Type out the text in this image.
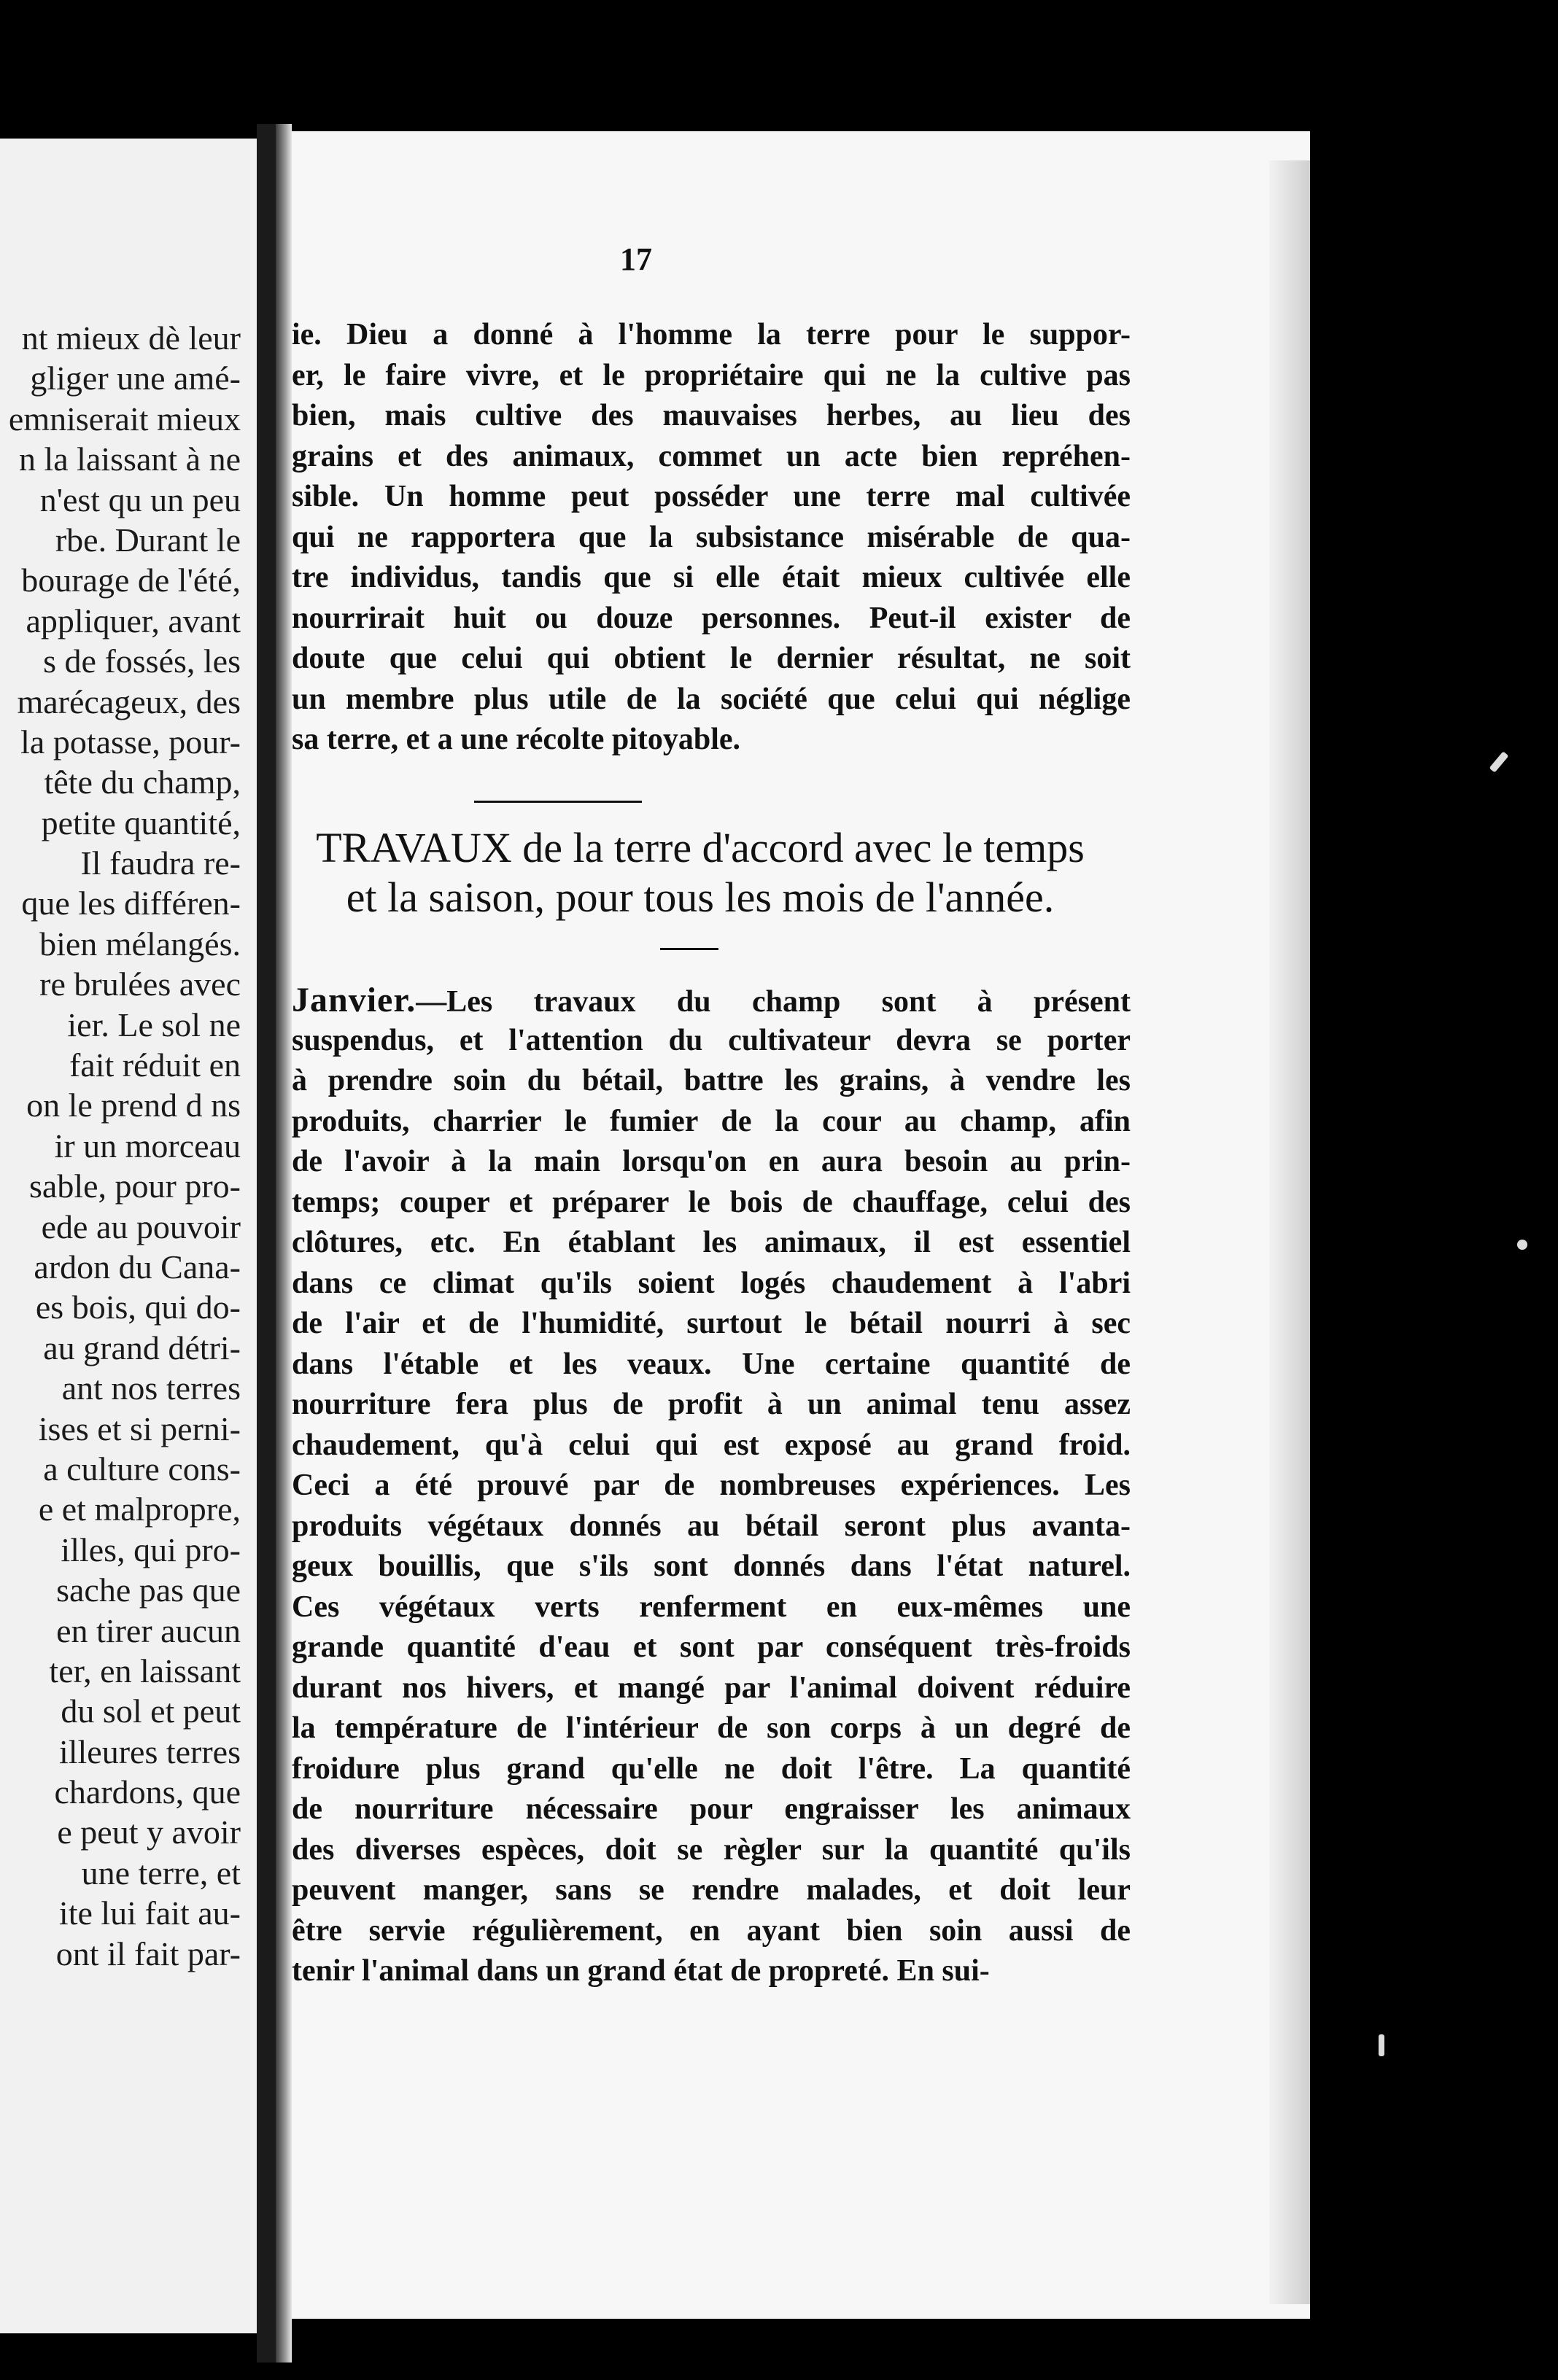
nt mieux dè leur
gliger une amé-
emniserait mieux
n la laissant à ne
n'est qu un peu
rbe. Durant le
bourage de l'été,
appliquer, avant
s de fossés, les
marécageux, des
la potasse, pour-
tête du champ,
petite quantité,
Il faudra re-
que les différen-
bien mélangés.
re brulées avec
ier. Le sol ne
fait réduit en
on le prend d ns
ir un morceau
sable, pour pro-
ede au pouvoir
ardon du Cana-
es bois, qui do-
au grand détri-
ant nos terres
ises et si perni-
a culture cons-
e et malpropre,
illes, qui pro-
sache pas que
en tirer aucun
ter, en laissant
du sol et peut
illeures terres
chardons, que
e peut y avoir
une terre, et
ite lui fait au-
ont il fait par-
17
ie. Dieu a donné à l'homme la terre pour le suppor-
er, le faire vivre, et le propriétaire qui ne la cultive pas
bien, mais cultive des mauvaises herbes, au lieu des
grains et des animaux, commet un acte bien repréhen-
sible. Un homme peut posséder une terre mal cultivée
qui ne rapportera que la subsistance misérable de qua-
tre individus, tandis que si elle était mieux cultivée elle
nourrirait huit ou douze personnes. Peut-il exister de
doute que celui qui obtient le dernier résultat, ne soit
un membre plus utile de la société que celui qui néglige
sa terre, et a une récolte pitoyable.
TRAVAUX de la terre d'accord avec le temps
et la saison, pour tous les mois de l'année.
Janvier.—Les travaux du champ sont à présent
suspendus, et l'attention du cultivateur devra se porter
à prendre soin du bétail, battre les grains, à vendre les
produits, charrier le fumier de la cour au champ, afin
de l'avoir à la main lorsqu'on en aura besoin au prin-
temps; couper et préparer le bois de chauffage, celui des
clôtures, etc. En établant les animaux, il est essentiel
dans ce climat qu'ils soient logés chaudement à l'abri
de l'air et de l'humidité, surtout le bétail nourri à sec
dans l'étable et les veaux. Une certaine quantité de
nourriture fera plus de profit à un animal tenu assez
chaudement, qu'à celui qui est exposé au grand froid.
Ceci a été prouvé par de nombreuses expériences. Les
produits végétaux donnés au bétail seront plus avanta-
geux bouillis, que s'ils sont donnés dans l'état naturel.
Ces végétaux verts renferment en eux-mêmes une
grande quantité d'eau et sont par conséquent très-froids
durant nos hivers, et mangé par l'animal doivent réduire
la température de l'intérieur de son corps à un degré de
froidure plus grand qu'elle ne doit l'être. La quantité
de nourriture nécessaire pour engraisser les animaux
des diverses espèces, doit se règler sur la quantité qu'ils
peuvent manger, sans se rendre malades, et doit leur
être servie régulièrement, en ayant bien soin aussi de
tenir l'animal dans un grand état de propreté. En sui-
